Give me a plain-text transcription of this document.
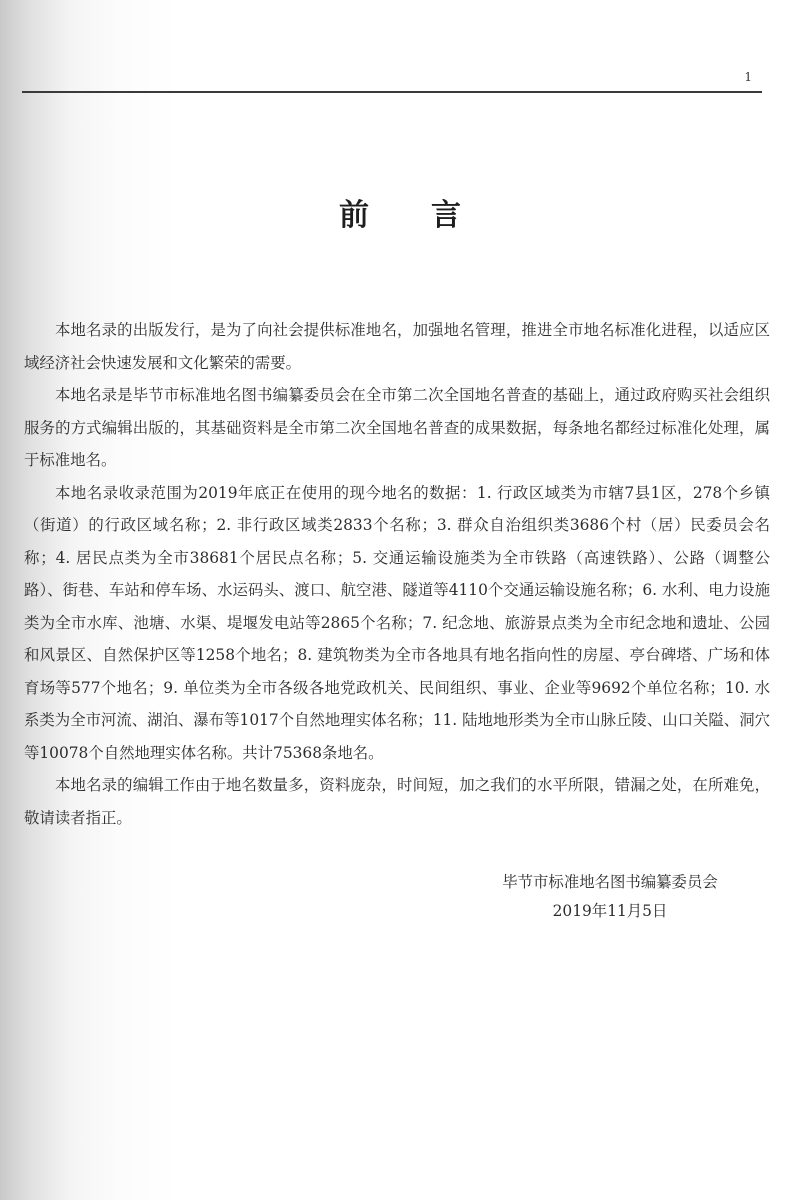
1
前言

本地名录的出版发行，是为了向社会提供标准地名，加强地名管理，推进全市地名标准化进程，以适应区域经济社会快速发展和文化繁荣的需要。

本地名录是毕节市标准地名图书编纂委员会在全市第二次全国地名普查的基础上，通过政府购买社会组织服务的方式编辑出版的，其基础资料是全市第二次全国地名普查的成果数据，每条地名都经过标准化处理，属于标准地名。

本地名录收录范围为2019年底正在使用的现今地名的数据：1. 行政区域类为市辖7县1区，278个乡镇（街道）的行政区域名称；2. 非行政区域类2833个名称；3. 群众自治组织类3686个村（居）民委员会名称；4. 居民点类为全市38681个居民点名称；5. 交通运输设施类为全市铁路（高速铁路）、公路（调整公路）、街巷、车站和停车场、水运码头、渡口、航空港、隧道等4110个交通运输设施名称；6. 水利、电力设施类为全市水库、池塘、水渠、堤堰发电站等2865个名称；7. 纪念地、旅游景点类为全市纪念地和遗址、公园和风景区、自然保护区等1258个地名；8. 建筑物类为全市各地具有地名指向性的房屋、亭台碑塔、广场和体育场等577个地名；9. 单位类为全市各级各地党政机关、民间组织、事业、企业等9692个单位名称；10. 水系类为全市河流、湖泊、瀑布等1017个自然地理实体名称；11. 陆地地形类为全市山脉丘陵、山口关隘、洞穴等10078个自然地理实体名称。共计75368条地名。

本地名录的编辑工作由于地名数量多，资料庞杂，时间短，加之我们的水平所限，错漏之处，在所难免，敬请读者指正。

毕节市标准地名图书编纂委员会
2019年11月5日
